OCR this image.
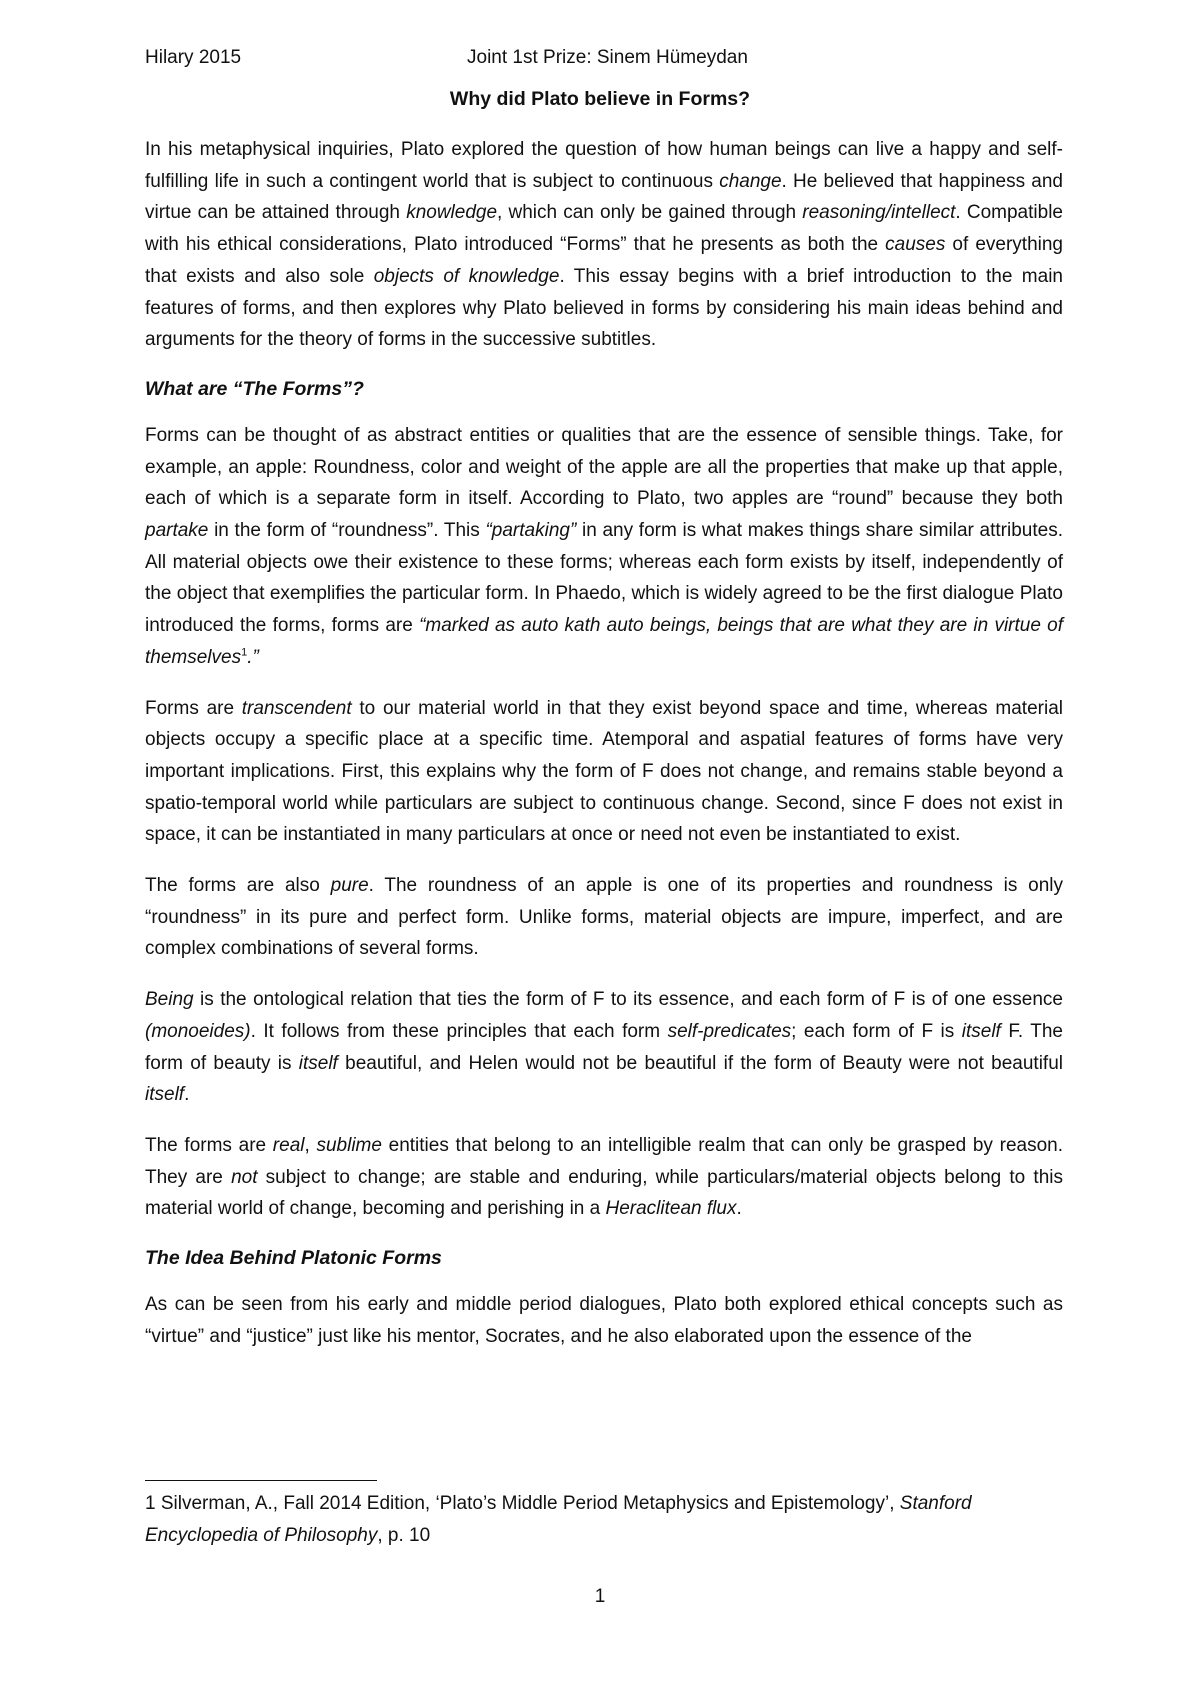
Hilary 2015	Joint 1st Prize: Sinem Hümeydan
Why did Plato believe in Forms?

In his metaphysical inquiries, Plato explored the question of how human beings can live a happy and self-fulfilling life in such a contingent world that is subject to continuous change. He believed that happiness and virtue can be attained through knowledge, which can only be gained through reasoning/intellect. Compatible with his ethical considerations, Plato introduced “Forms” that he presents as both the causes of everything that exists and also sole objects of knowledge. This essay begins with a brief introduction to the main features of forms, and then explores why Plato believed in forms by considering his main ideas behind and arguments for the theory of forms in the successive subtitles.

What are “The Forms”?

Forms can be thought of as abstract entities or qualities that are the essence of sensible things. Take, for example, an apple: Roundness, color and weight of the apple are all the properties that make up that apple, each of which is a separate form in itself. According to Plato, two apples are “round” because they both partake in the form of “roundness”. This “partaking” in any form is what makes things share similar attributes. All material objects owe their existence to these forms; whereas each form exists by itself, independently of the object that exemplifies the particular form. In Phaedo, which is widely agreed to be the first dialogue Plato introduced the forms, forms are “marked as auto kath auto beings, beings that are what they are in virtue of themselves$^1$.”

Forms are transcendent to our material world in that they exist beyond space and time, whereas material objects occupy a specific place at a specific time. Atemporal and aspatial features of forms have very important implications. First, this explains why the form of F does not change, and remains stable beyond a spatio-temporal world while particulars are subject to continuous change. Second, since F does not exist in space, it can be instantiated in many particulars at once or need not even be instantiated to exist.

The forms are also pure. The roundness of an apple is one of its properties and roundness is only “roundness” in its pure and perfect form. Unlike forms, material objects are impure, imperfect, and are complex combinations of several forms.

Being is the ontological relation that ties the form of F to its essence, and each form of F is of one essence (monoeides). It follows from these principles that each form self-predicates; each form of F is itself F. The form of beauty is itself beautiful, and Helen would not be beautiful if the form of Beauty were not beautiful itself.

The forms are real, sublime entities that belong to an intelligible realm that can only be grasped by reason. They are not subject to change; are stable and enduring, while particulars/material objects belong to this material world of change, becoming and perishing in a Heraclitean flux.

The Idea Behind Platonic Forms

As can be seen from his early and middle period dialogues, Plato both explored ethical concepts such as “virtue” and “justice” just like his mentor, Socrates, and he also elaborated upon the essence of the

1 Silverman, A., Fall 2014 Edition, ‘Plato’s Middle Period Metaphysics and Epistemology’, Stanford Encyclopedia of Philosophy, p. 10
1
